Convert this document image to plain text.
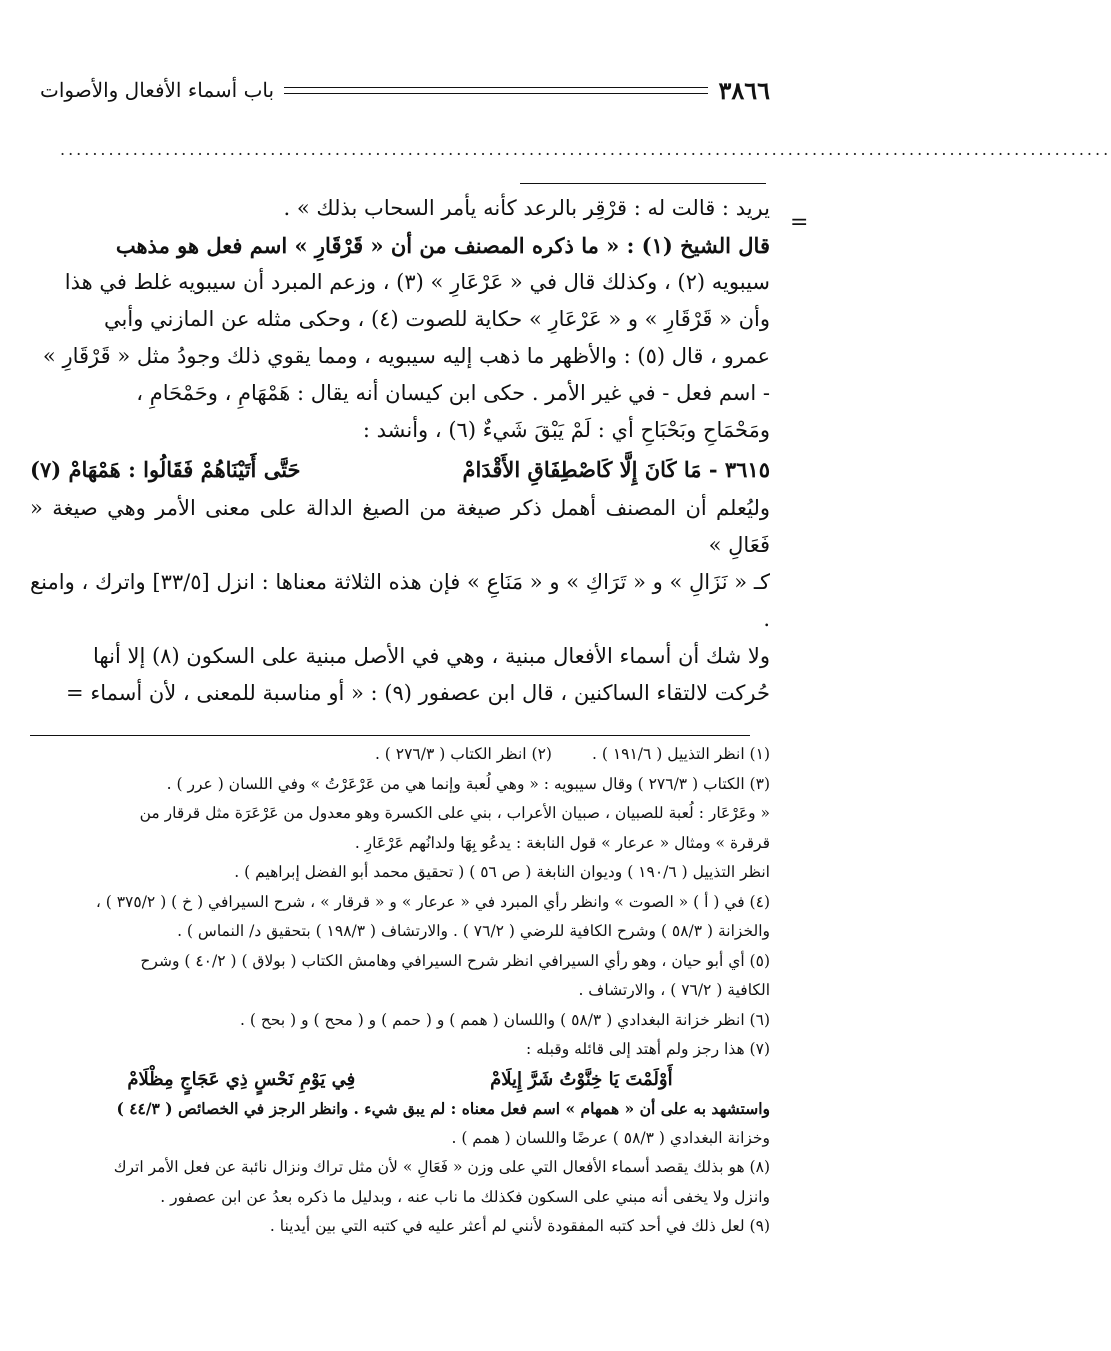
٣٨٦٦
باب أسماء الأفعال والأصوات
..................................................................................................................................
=

يريد : قالت له : قرْقِر بالرعد كأنه يأمر السحاب بذلك » .

قال الشيخ (١) : « ما ذكره المصنف من أن « قَرْقَارِ » اسم فعل هو مذهب

سيبويه (٢) ، وكذلك قال في « عَرْعَارِ » (٣) ، وزعم المبرد أن سيبويه غلط في هذا

وأن « قَرْقَارِ » و « عَرْعَارِ » حكاية للصوت (٤) ، وحكى مثله عن المازني وأبي

عمرو ، قال (٥) : والأظهر ما ذهب إليه سيبويه ، ومما يقوي ذلك وجودُ مثل « قَرْقَارِ »

- اسم فعل - في غير الأمر . حكى ابن كيسان أنه يقال : هَمْهَامِ ، وحَمْحَامِ ،

ومَحْمَاحِ وبَحْبَاحِ أي : لَمْ يَبْقَ شَيءٌ (٦) ، وأنشد :

٣٦١٥ - مَا كَانَ إِلَّا كَاصْطِفَاقِ الأَقْدَامْ
حَتَّى أَتَيْنَاهُمْ فَقَالُوا : هَمْهَامْ (٧)

وليُعلم أن المصنف أهمل ذكر صيغة من الصيغ الدالة على معنى الأمر وهي صيغة « فَعَالِ »

كـ « نَزَالِ » و « تَرَاكِ » و « مَنَاعِ » فإن هذه الثلاثة معناها : انزل [٣٣/٥] واترك ، وامنع .

ولا شك أن أسماء الأفعال مبنية ، وهي في الأصل مبنية على السكون (٨) إلا أنها

حُركت لالتقاء الساكنين ، قال ابن عصفور (٩) : « أو مناسبة للمعنى ، لأن أسماء =

(١) انظر التذييل ( ١٩١/٦ ) .
(٢) انظر الكتاب ( ٢٧٦/٣ ) .

(٣) الكتاب ( ٢٧٦/٣ ) وقال سيبويه : « وهي لُعبة وإنما هي من عَرْعَرْتُ » وفي اللسان ( عرر ) .

« وعَرْعَار : لُعبة للصبيان ، صبيان الأعراب ، بني على الكسرة وهو معدول من عَرْعَرَة مثل قرقار من

قرقرة » ومثال « عرعار » قول النابغة : يدعُو بِهَا ولدانُهم عَرْعَارِ .

انظر التذييل ( ١٩٠/٦ ) وديوان النابغة ( ص ٥٦ ) ( تحقيق محمد أبو الفضل إبراهيم ) .

(٤) في ( أ ) « الصوت » وانظر رأي المبرد في « عرعار » و « قرقار » ، شرح السيرافي ( خ ) ( ٣٧٥/٢ ) ،

والخزانة ( ٥٨/٣ ) وشرح الكافية للرضي ( ٧٦/٢ ) . والارتشاف ( ١٩٨/٣ ) بتحقيق د/ النماس ) .

(٥) أي أبو حيان ، وهو رأي السيرافي انظر شرح السيرافي وهامش الكتاب ( بولاق ) ( ٤٠/٢ ) وشرح

الكافية ( ٧٦/٢ ) ، والارتشاف .

(٦) انظر خزانة البغدادي ( ٥٨/٣ ) واللسان ( همم ) و ( حمم ) و ( محح ) و ( بحح ) .

(٧) هذا رجز ولم أهتد إلى قائله وقبله :

أَوْلَمْتَ يَا خِنَّوْتُ شَرَّ إِيلَامْ
فِي يَوْمِ نَحْسٍ ذِي عَجَاجٍ مِظْلَامْ

واستشهد به على أن « همهام » اسم فعل معناه : لم يبق شيء . وانظر الرجز في الخصائص ( ٤٤/٣ )

وخزانة البغدادي ( ٥٨/٣ ) عرضًا واللسان ( همم ) .

(٨) هو بذلك يقصد أسماء الأفعال التي على وزن « فَعَالِ » لأن مثل تراك ونزال نائبة عن فعل الأمر اترك

وانزل ولا يخفى أنه مبني على السكون فكذلك ما ناب عنه ، وبدليل ما ذكره بعدُ عن ابن عصفور .

(٩) لعل ذلك في أحد كتبه المفقودة لأنني لم أعثر عليه في كتبه التي بين أيدينا .
